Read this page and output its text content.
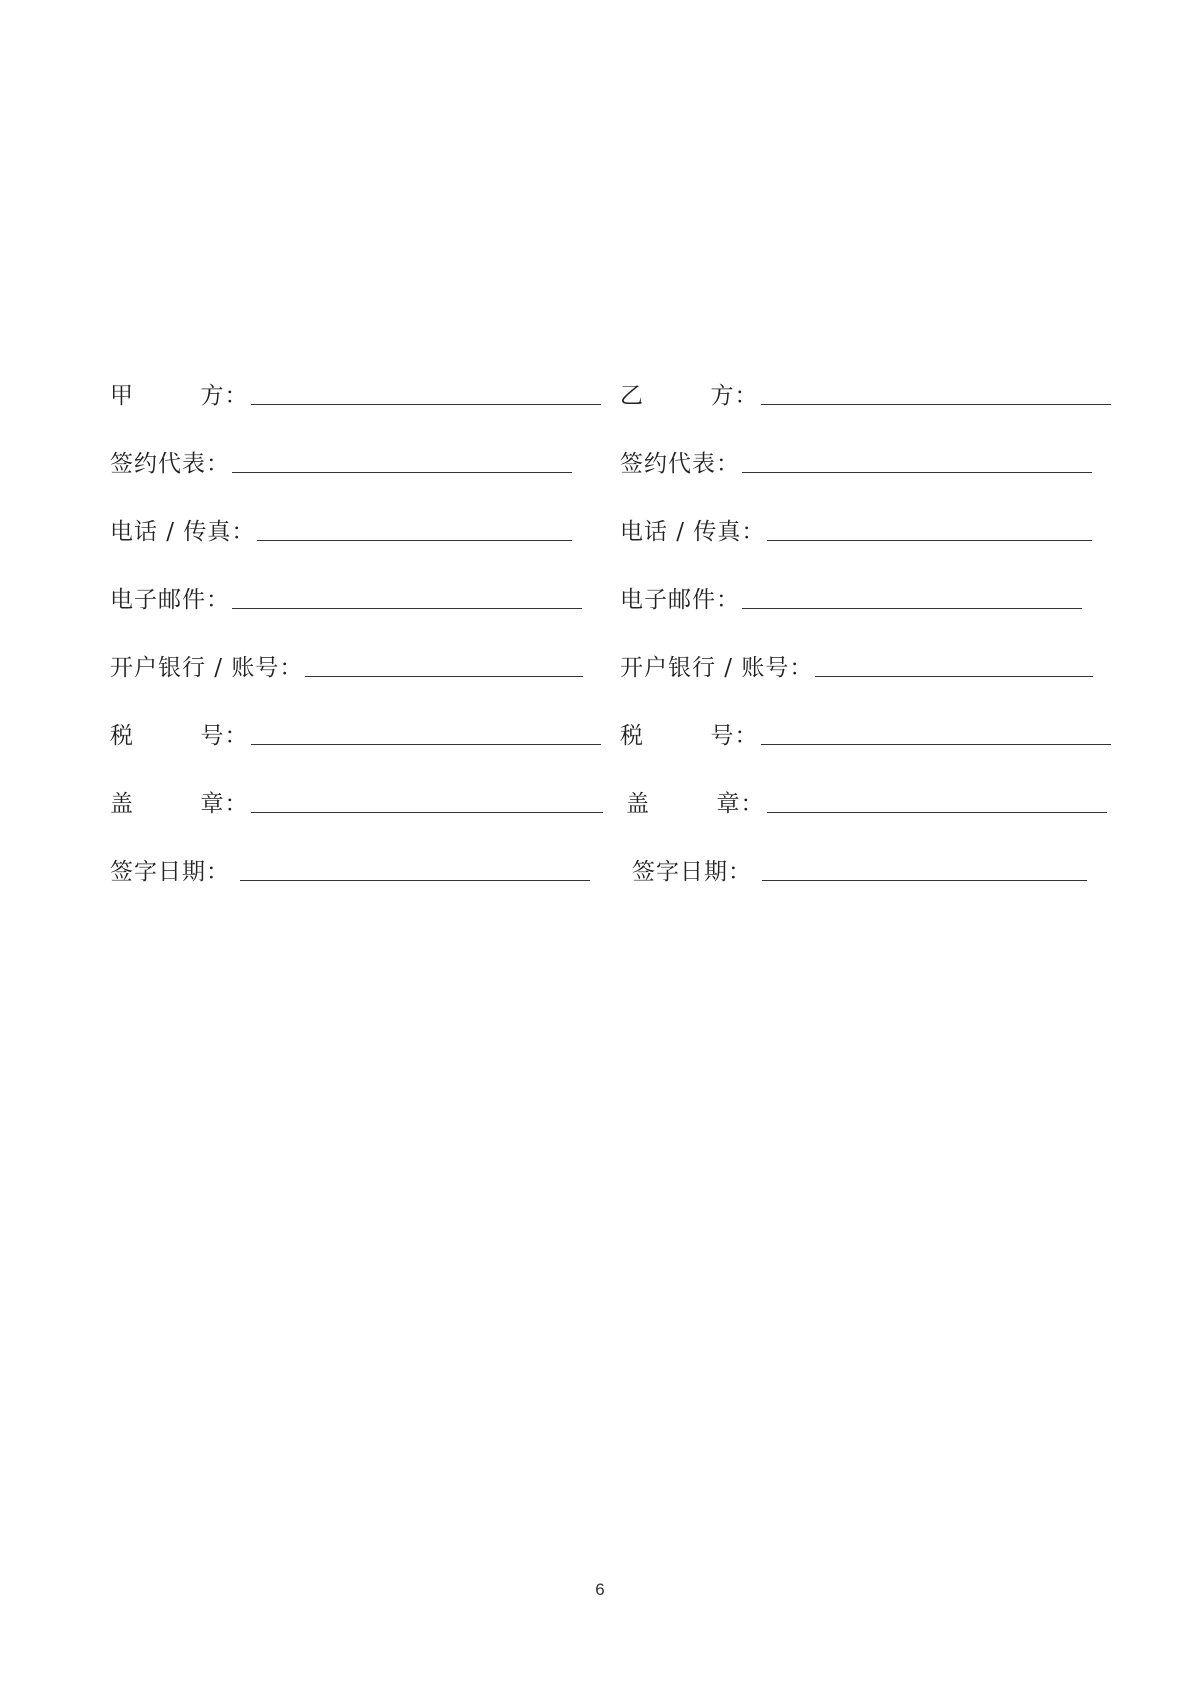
甲        方：	乙        方：
签约代表：	签约代表：
电话 / 传真：	电话 / 传真：
电子邮件：	电子邮件：
开户银行 / 账号：	开户银行 / 账号：
税        号：	税        号：
盖        章：	盖        章：
签字日期：	签字日期：
6
